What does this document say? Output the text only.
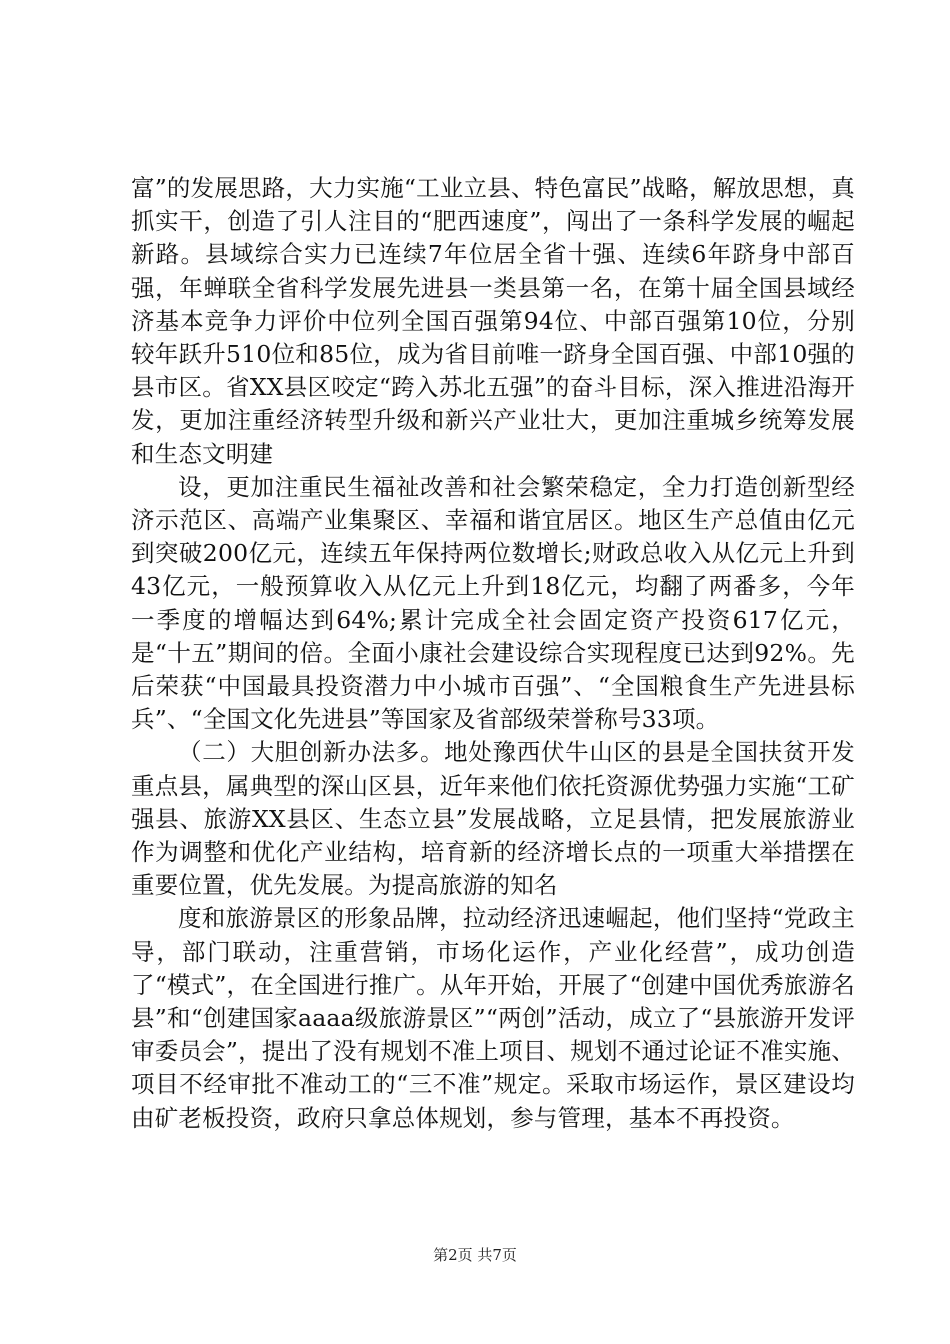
富”的发展思路，大力实施“工业立县、特色富民”战略，解放思想，真抓实干，创造了引人注目的“肥西速度”，闯出了一条科学发展的崛起新路。县域综合实力已连续7年位居全省十强、连续6年跻身中部百强，年蝉联全省科学发展先进县一类县第一名，在第十届全国县域经济基本竞争力评价中位列全国百强第94位、中部百强第10位，分别较年跃升510位和85位，成为省目前唯一跻身全国百强、中部10强的县市区。省XX县区咬定“跨入苏北五强”的奋斗目标，深入推进沿海开发，更加注重经济转型升级和新兴产业壮大，更加注重城乡统筹发展和生态文明建

设，更加注重民生福祉改善和社会繁荣稳定，全力打造创新型经济示范区、高端产业集聚区、幸福和谐宜居区。地区生产总值由亿元到突破200亿元，连续五年保持两位数增长;财政总收入从亿元上升到43亿元，一般预算收入从亿元上升到18亿元，均翻了两番多，今年一季度的增幅达到64%;累计完成全社会固定资产投资617亿元，是“十五”期间的倍。全面小康社会建设综合实现程度已达到92%。先后荣获“中国最具投资潜力中小城市百强”、“全国粮食生产先进县标兵”、“全国文化先进县”等国家及省部级荣誉称号33项。

（二）大胆创新办法多。地处豫西伏牛山区的县是全国扶贫开发重点县，属典型的深山区县，近年来他们依托资源优势强力实施“工矿强县、旅游XX县区、生态立县”发展战略，立足县情，把发展旅游业作为调整和优化产业结构，培育新的经济增长点的一项重大举措摆在重要位置，优先发展。为提高旅游的知名

度和旅游景区的形象品牌，拉动经济迅速崛起，他们坚持“党政主导，部门联动，注重营销，市场化运作，产业化经营”，成功创造了“模式”，在全国进行推广。从年开始，开展了“创建中国优秀旅游名县”和“创建国家aaaa级旅游景区”“两创”活动，成立了“县旅游开发评审委员会”，提出了没有规划不准上项目、规划不通过论证不准实施、项目不经审批不准动工的“三不准”规定。采取市场运作，景区建设均由矿老板投资，政府只拿总体规划，参与管理，基本不再投资。

第2页 共7页
